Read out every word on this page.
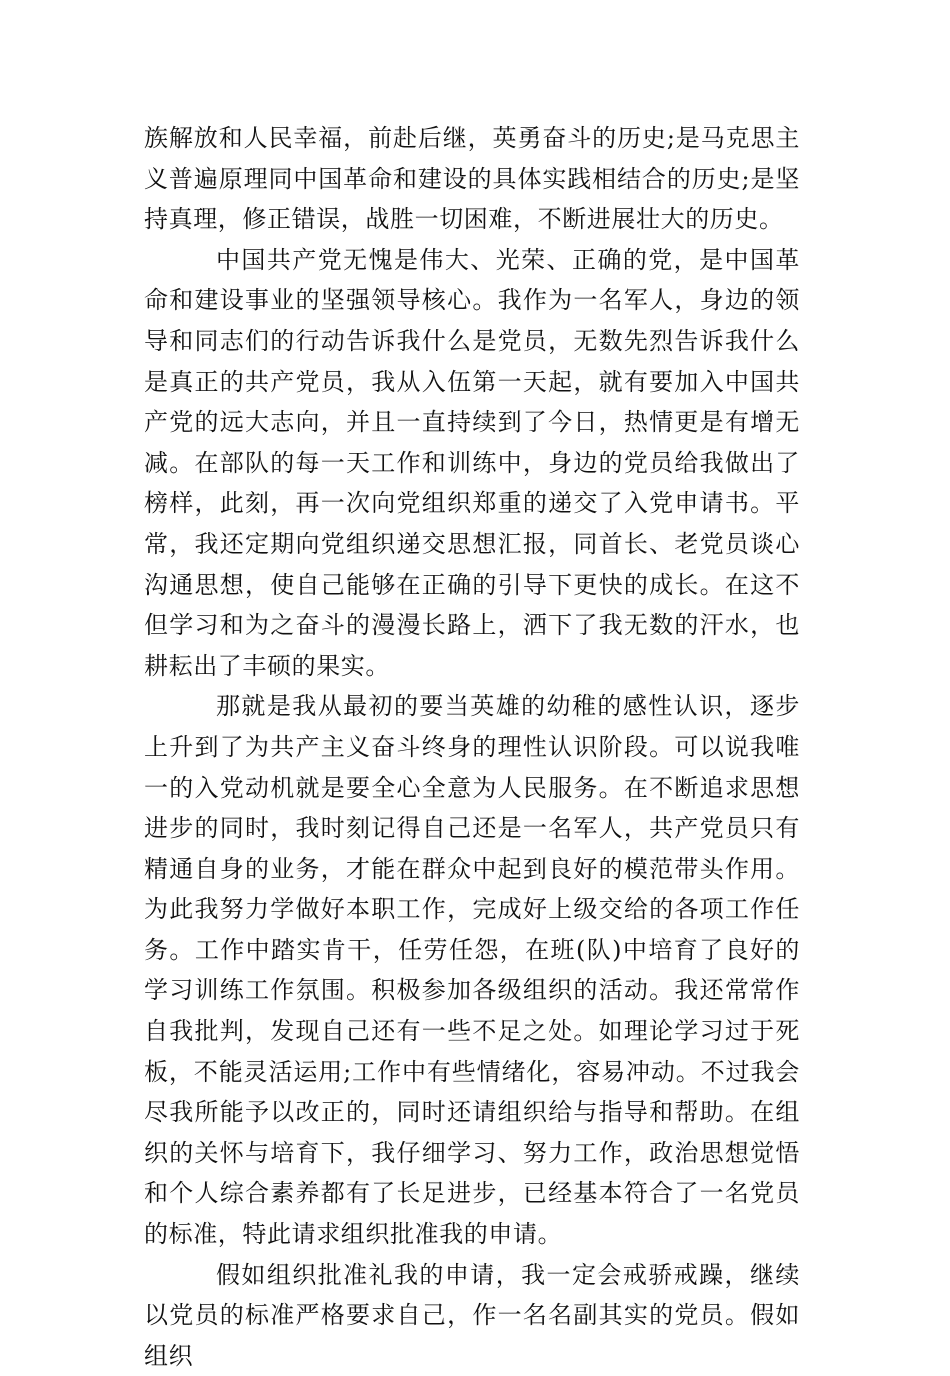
族解放和人民幸福，前赴后继，英勇奋斗的历史;是马克思主义普遍原理同中国革命和建设的具体实践相结合的历史;是坚持真理，修正错误，战胜一切困难，不断进展壮大的历史。

中国共产党无愧是伟大、光荣、正确的党，是中国革命和建设事业的坚强领导核心。我作为一名军人，身边的领导和同志们的行动告诉我什么是党员，无数先烈告诉我什么是真正的共产党员，我从入伍第一天起，就有要加入中国共产党的远大志向，并且一直持续到了今日，热情更是有增无减。在部队的每一天工作和训练中，身边的党员给我做出了榜样，此刻，再一次向党组织郑重的递交了入党申请书。平常，我还定期向党组织递交思想汇报，同首长、老党员谈心沟通思想，使自己能够在正确的引导下更快的成长。在这不但学习和为之奋斗的漫漫长路上，洒下了我无数的汗水，也耕耘出了丰硕的果实。

那就是我从最初的要当英雄的幼稚的感性认识，逐步上升到了为共产主义奋斗终身的理性认识阶段。可以说我唯一的入党动机就是要全心全意为人民服务。在不断追求思想进步的同时，我时刻记得自己还是一名军人，共产党员只有精通自身的业务，才能在群众中起到良好的模范带头作用。为此我努力学做好本职工作，完成好上级交给的各项工作任务。工作中踏实肯干，任劳任怨，在班(队)中培育了良好的学习训练工作氛围。积极参加各级组织的活动。我还常常作自我批判，发现自己还有一些不足之处。如理论学习过于死板，不能灵活运用;工作中有些情绪化，容易冲动。不过我会尽我所能予以改正的，同时还请组织给与指导和帮助。在组织的关怀与培育下，我仔细学习、努力工作，政治思想觉悟和个人综合素养都有了长足进步，已经基本符合了一名党员的标准，特此请求组织批准我的申请。

假如组织批准礼我的申请，我一定会戒骄戒躁，继续以党员的标准严格要求自己，作一名名副其实的党员。假如组织
